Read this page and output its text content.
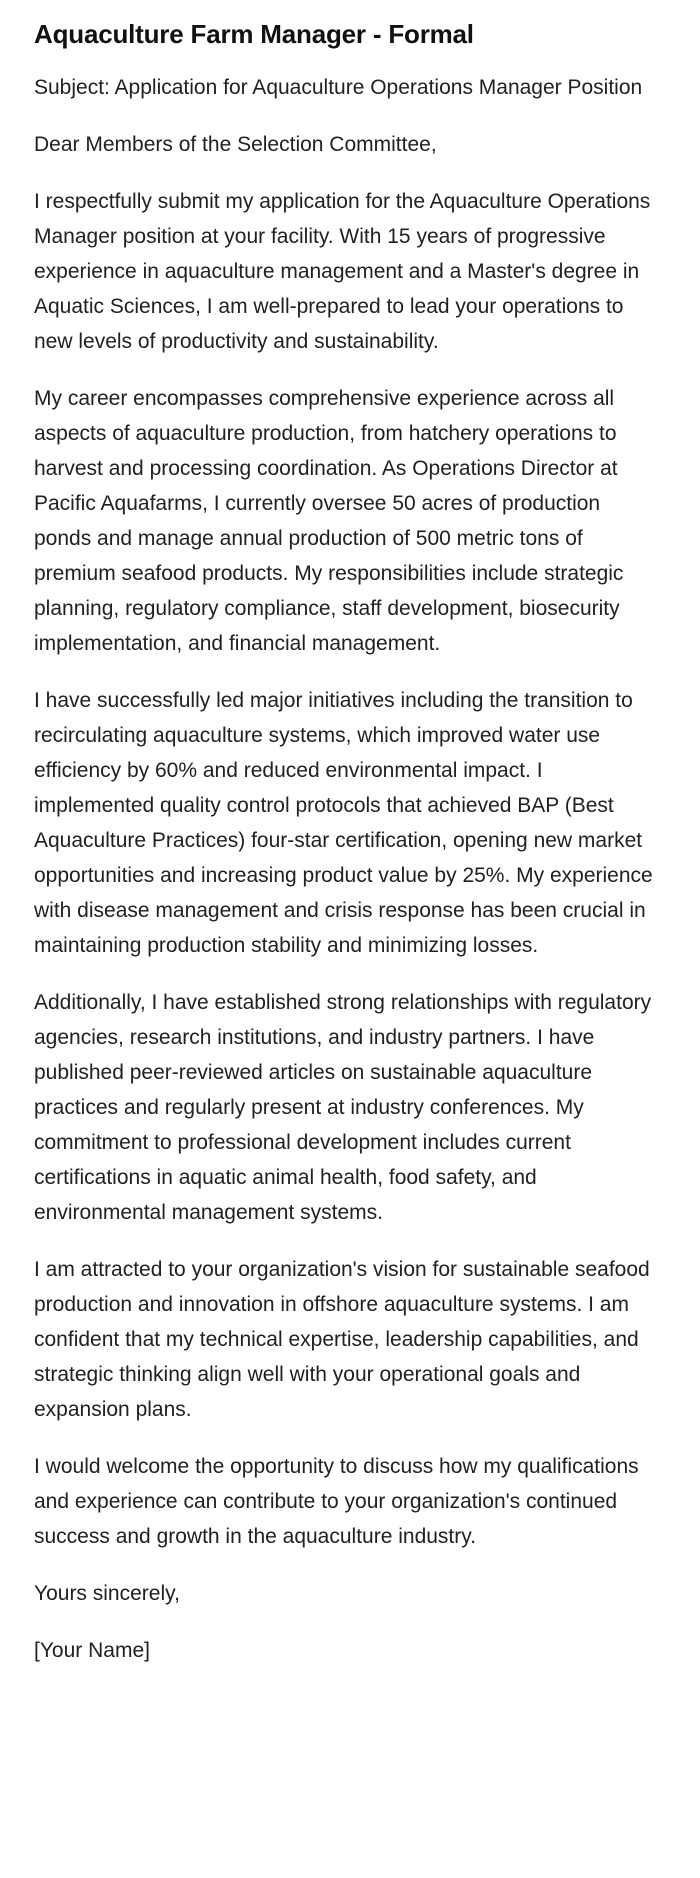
Aquaculture Farm Manager - Formal

Subject: Application for Aquaculture Operations Manager Position

Dear Members of the Selection Committee,

I respectfully submit my application for the Aquaculture Operations Manager position at your facility. With 15 years of progressive experience in aquaculture management and a Master's degree in Aquatic Sciences, I am well-prepared to lead your operations to new levels of productivity and sustainability.

My career encompasses comprehensive experience across all aspects of aquaculture production, from hatchery operations to harvest and processing coordination. As Operations Director at Pacific Aquafarms, I currently oversee 50 acres of production ponds and manage annual production of 500 metric tons of premium seafood products. My responsibilities include strategic planning, regulatory compliance, staff development, biosecurity implementation, and financial management.

I have successfully led major initiatives including the transition to recirculating aquaculture systems, which improved water use efficiency by 60% and reduced environmental impact. I implemented quality control protocols that achieved BAP (Best Aquaculture Practices) four-star certification, opening new market opportunities and increasing product value by 25%. My experience with disease management and crisis response has been crucial in maintaining production stability and minimizing losses.

Additionally, I have established strong relationships with regulatory agencies, research institutions, and industry partners. I have published peer-reviewed articles on sustainable aquaculture practices and regularly present at industry conferences. My commitment to professional development includes current certifications in aquatic animal health, food safety, and environmental management systems.

I am attracted to your organization's vision for sustainable seafood production and innovation in offshore aquaculture systems. I am confident that my technical expertise, leadership capabilities, and strategic thinking align well with your operational goals and expansion plans.

I would welcome the opportunity to discuss how my qualifications and experience can contribute to your organization's continued success and growth in the aquaculture industry.

Yours sincerely,

[Your Name]
